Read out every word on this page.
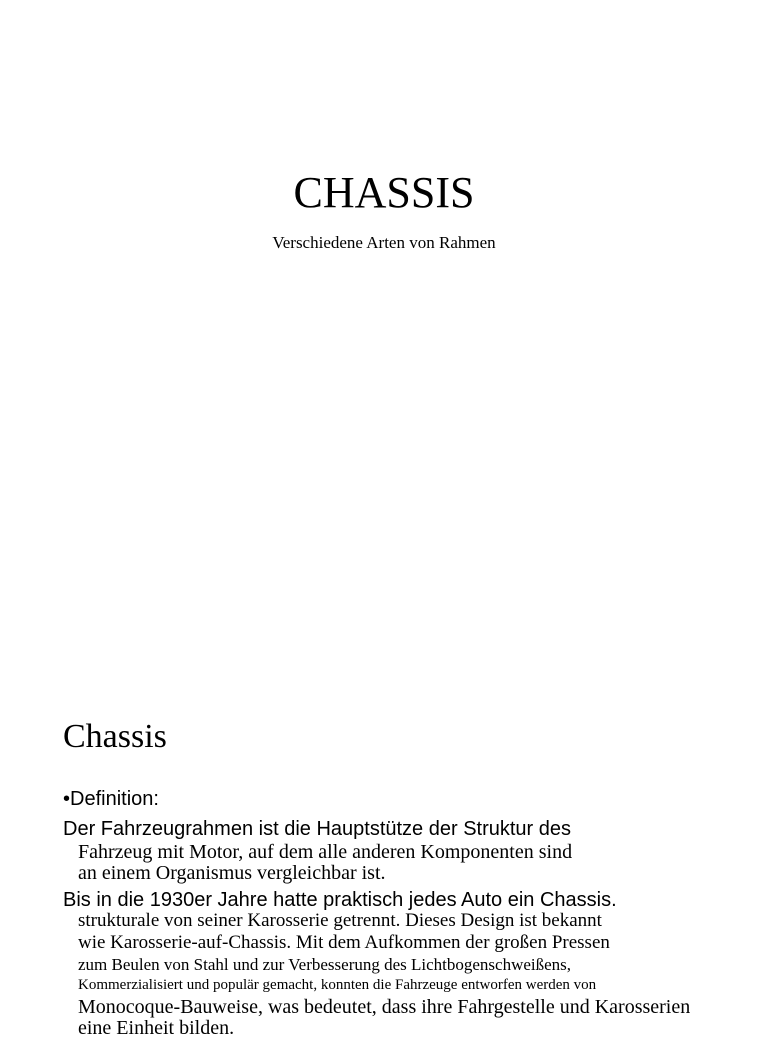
CHASSIS
Verschiedene Arten von Rahmen
Chassis
•Definition:
Der Fahrzeugrahmen ist die Hauptstütze der Struktur des
Fahrzeug mit Motor, auf dem alle anderen Komponenten sind
an einem Organismus vergleichbar ist.
Bis in die 1930er Jahre hatte praktisch jedes Auto ein Chassis.
strukturale von seiner Karosserie getrennt. Dieses Design ist bekannt
wie Karosserie-auf-Chassis. Mit dem Aufkommen der großen Pressen
zum Beulen von Stahl und zur Verbesserung des Lichtbogenschweißens,
Kommerzialisiert und populär gemacht, konnten die Fahrzeuge entworfen werden von
Monocoque-Bauweise, was bedeutet, dass ihre Fahrgestelle und Karosserien
eine Einheit bilden.
